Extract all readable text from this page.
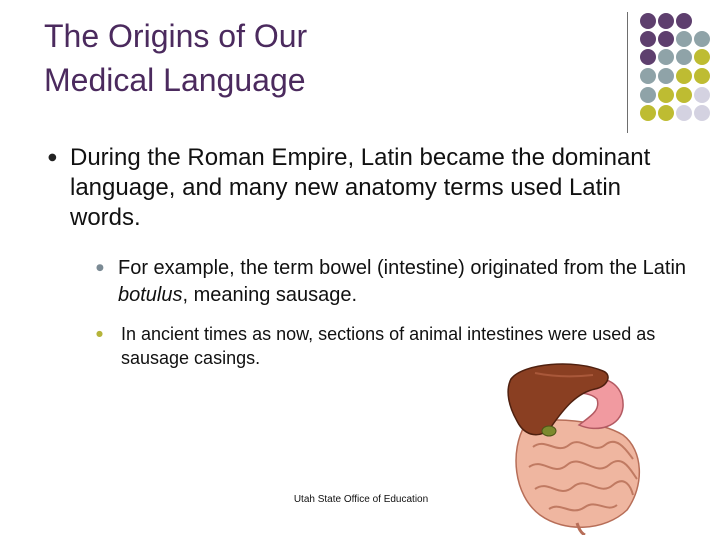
The Origins of Our
Medical Language
● During the Roman Empire, Latin became the dominant language, and many new anatomy terms used Latin words.
● For example, the term bowel (intestine) originated from the Latin botulus, meaning sausage.
●	In ancient times as now, sections of animal intestines were used as sausage casings.
Utah State Office of Education
